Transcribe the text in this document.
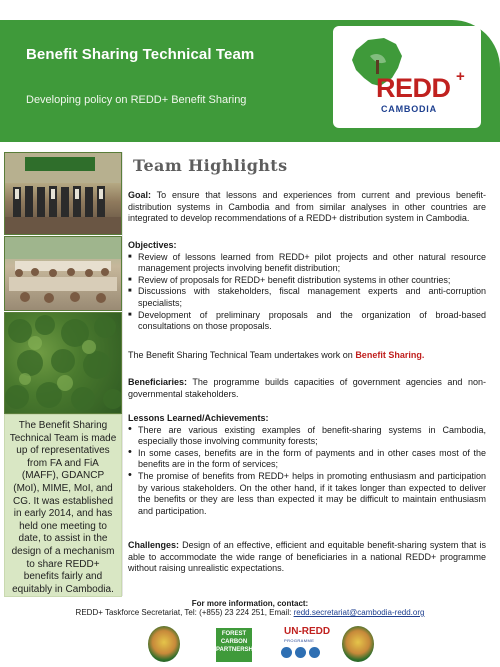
Benefit Sharing Technical Team
Developing policy on REDD+ Benefit Sharing	REDD +
CAMBODIA
The Benefit Sharing Technical Team is made up of representatives from FA and FiA (MAFF), GDANCP (MoI), MIME, MoI, and CG. It was established in early 2014, and has held one meeting to date, to assist in the design of a mechanism to share REDD+ benefits fairly and equitably in Cambodia.
Team Highlights
Goal: To ensure that lessons and experiences from current and previous benefit-distribution systems in Cambodia and from similar analyses in other countries are integrated to develop recommendations of a REDD+ distribution system in Cambodia.
Objectives:
■ Review of lessons learned from REDD+ pilot projects and other natural resource management projects involving benefit distribution;
■ Review of proposals for REDD+ benefit distribution systems in other countries;
■ Discussions with stakeholders, fiscal management experts and anti-corruption specialists;
■ Development of preliminary proposals and the organization of broad-based consultations on those proposals.
The Benefit Sharing Technical Team undertakes work on Benefit Sharing.
Beneficiaries: The programme builds capacities of government agencies and non-governmental stakeholders.
Lessons Learned/Achievements:
• There are various existing examples of benefit-sharing systems in Cambodia, especially those involving community forests;
• In some cases, benefits are in the form of payments and in other cases most of the benefits are in the form of services;
• The promise of benefits from REDD+ helps in promoting enthusiasm and participation by various stakeholders. On the other hand, if it takes longer than expected to deliver the benefits or they are less than expected it may be difficult to maintain enthusiasm and participation.
Challenges: Design of an effective, efficient and equitable benefit-sharing system that is able to accommodate the wide range of beneficiaries in a national REDD+ programme without raising unrealistic expectations.
For more information, contact:
REDD+ Taskforce Secretariat, Tel: (+855) 23 224 251, Email: redd.secretariat@cambodia-redd.org
FOREST CARBON PARTNERSHIP
UN-REDD
PROGRAMME
